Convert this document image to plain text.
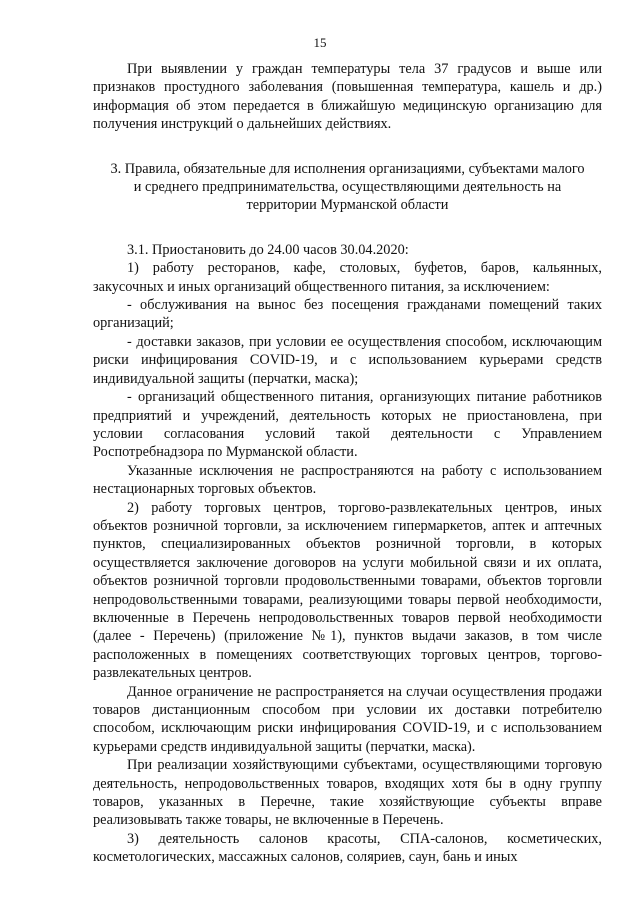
15

При выявлении у граждан температуры тела 37 градусов и выше или признаков простудного заболевания (повышенная температура, кашель и др.) информация об этом передается в ближайшую медицинскую организацию для получения инструкций о дальнейших действиях.

3. Правила, обязательные для исполнения организациями, субъектами малого и среднего предпринимательства, осуществляющими деятельность на территории Мурманской области

3.1. Приостановить до 24.00 часов 30.04.2020:

1) работу ресторанов, кафе, столовых, буфетов, баров, кальянных, закусочных и иных организаций общественного питания, за исключением:

- обслуживания на вынос без посещения гражданами помещений таких организаций;

- доставки заказов, при условии ее осуществления способом, исключающим риски инфицирования COVID-19, и с использованием курьерами средств индивидуальной защиты (перчатки, маска);

- организаций общественного питания, организующих питание работников предприятий и учреждений, деятельность которых не приостановлена, при условии согласования условий такой деятельности с Управлением Роспотребнадзора по Мурманской области.

Указанные исключения не распространяются на работу с использованием нестационарных торговых объектов.

2) работу торговых центров, торгово-развлекательных центров, иных объектов розничной торговли, за исключением гипермаркетов, аптек и аптечных пунктов, специализированных объектов розничной торговли, в которых осуществляется заключение договоров на услуги мобильной связи и их оплата, объектов розничной торговли продовольственными товарами, объектов торговли непродовольственными товарами, реализующими товары первой необходимости, включенные в Перечень непродовольственных товаров первой необходимости (далее - Перечень) (приложение №1), пунктов выдачи заказов, в том числе расположенных в помещениях соответствующих торговых центров, торгово-развлекательных центров.

Данное ограничение не распространяется на случаи осуществления продажи товаров дистанционным способом при условии их доставки потребителю способом, исключающим риски инфицирования COVID-19, и с использованием курьерами средств индивидуальной защиты (перчатки, маска).

При реализации хозяйствующими субъектами, осуществляющими торговую деятельность, непродовольственных товаров, входящих хотя бы в одну группу товаров, указанных в Перечне, такие хозяйствующие субъекты вправе реализовывать также товары, не включенные в Перечень.

3) деятельность салонов красоты, СПА-салонов, косметических, косметологических, массажных салонов, соляриев, саун, бань и иных
